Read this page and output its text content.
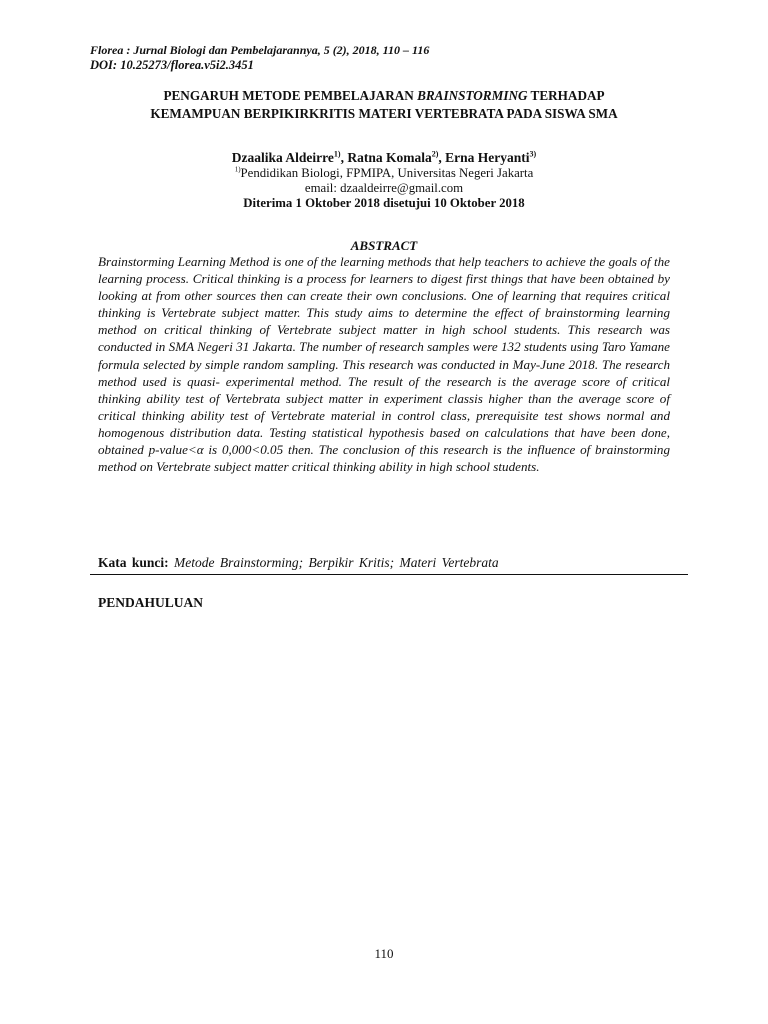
Florea : Jurnal Biologi dan Pembelajarannya, 5 (2), 2018, 110 – 116
DOI: 10.25273/florea.v5i2.3451
PENGARUH METODE PEMBELAJARAN BRAINSTORMING TERHADAP
KEMAMPUAN BERPIKIRKRITIS MATERI VERTEBRATA PADA SISWA SMA
Dzaalika Aldeirre$^{1)}$, Ratna Komala$^{2)}$, Erna Heryanti$^{3)}$
$^{1)}$Pendidikan Biologi, FPMIPA, Universitas Negeri Jakarta
email: dzaaldeirre@gmail.com
Diterima 1 Oktober 2018 disetujui 10 Oktober 2018
ABSTRACT

Brainstorming Learning Method is one of the learning methods that help teachers to achieve the goals of the learning process. Critical thinking is a process for learners to digest first things that have been obtained by looking at from other sources then can create their own conclusions. One of learning that requires critical thinking is Vertebrate subject matter. This study aims to determine the effect of brainstorming learning method on critical thinking of Vertebrate subject matter in high school students. This research was conducted in SMA Negeri 31 Jakarta. The number of research samples were 132 students using Taro Yamane formula selected by simple random sampling. This research was conducted in May-June 2018. The research method used is quasi- experimental method. The result of the research is the average score of critical thinking ability test of Vertebrata subject matter in experiment classis higher than the average score of critical thinking ability test of Vertebrate material in control class, prerequisite test shows normal and homogenous distribution data. Testing statistical hypothesis based on calculations that have been done, obtained p-value<α is 0,000<0.05 then. The conclusion of this research is the influence of brainstorming method on Vertebrate subject matter critical thinking ability in high school students.

Kata kunci: Metode Brainstorming; Berpikir Kritis; Materi Vertebrata
PENDAHULUAN
110
